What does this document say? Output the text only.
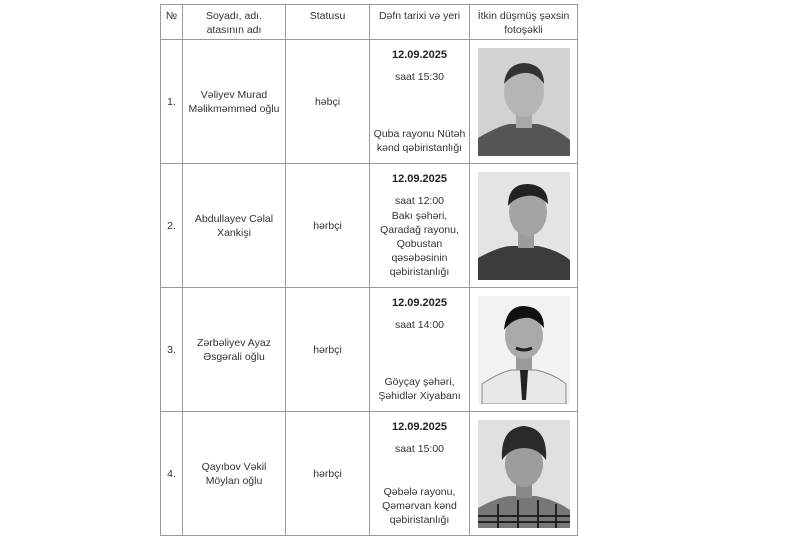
№	Soyadı, adı. atasının adı	Statusu	Dəfn tarixi və yeri	İtkin düşmüş şəxsin fotoşəkli
1.	Vəliyev Murad Məlikməmməd oğlu	həbçi	12.09.2025
saat 15:30
Quba rayonu Nütəh kənd qəbiristanlığı

2.	Abdullayev Cəlal Xankişi	hərbçi	12.09.2025
saat 12:00
Bakı şəhəri, Qaradağ rayonu, Qobustan qəsəbəsinin qəbiristanlığı

3.	Zərbəliyev Ayaz Əsgərali oğlu	hərbçi	12.09.2025
saat 14:00
Göyçay şəhəri, Şəhidlər Xiyabanı

4.	Qayıbov Vəkil Möylan oğlu	hərbçi	12.09.2025
saat 15:00
Qəbələ rayonu, Qəmərvan kənd qəbiristanlığı
